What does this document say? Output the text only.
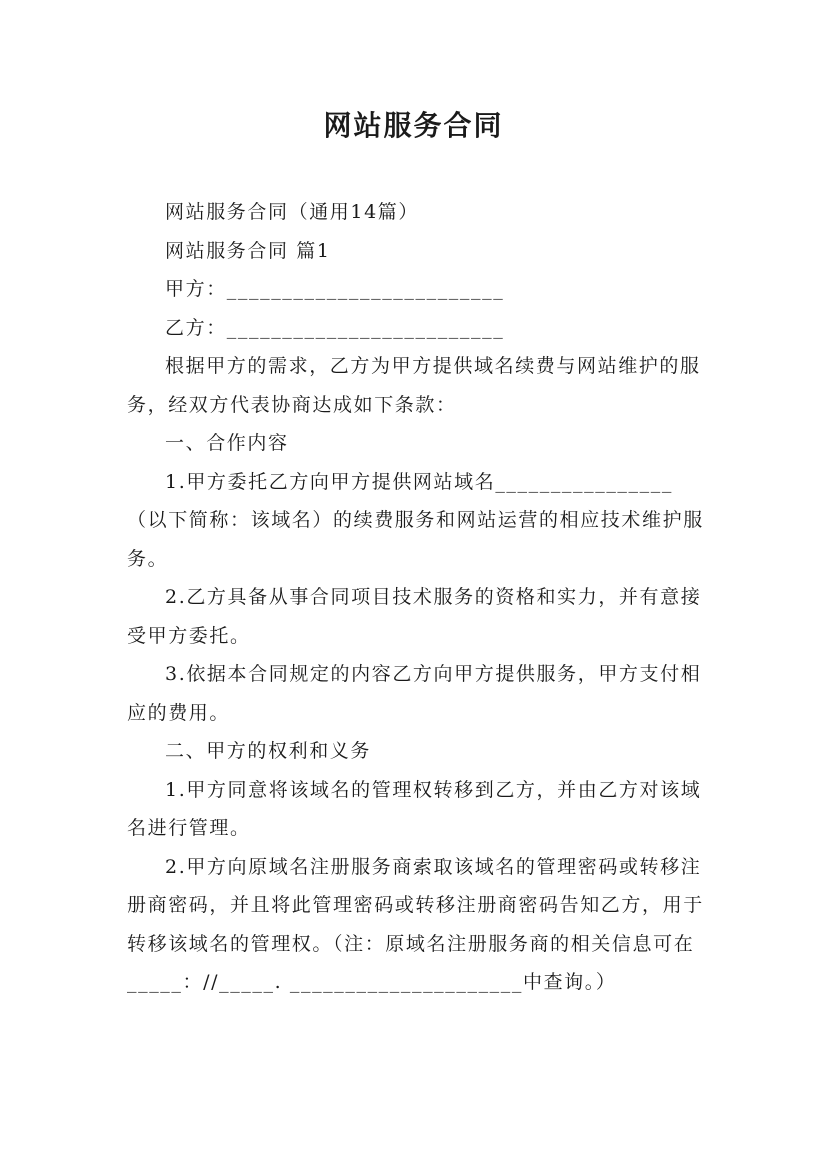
网站服务合同

网站服务合同（通用14篇）

网站服务合同 篇1

甲方：_________________________

乙方：_________________________

根据甲方的需求，乙方为甲方提供域名续费与网站维护的服务，经双方代表协商达成如下条款：

一、合作内容

1.甲方委托乙方向甲方提供网站域名________________（以下简称：该域名）的续费服务和网站运营的相应技术维护服务。

2.乙方具备从事合同项目技术服务的资格和实力，并有意接受甲方委托。

3.依据本合同规定的内容乙方向甲方提供服务，甲方支付相应的费用。

二、甲方的权利和义务

1.甲方同意将该域名的管理权转移到乙方，并由乙方对该域名进行管理。

2.甲方向原域名注册服务商索取该域名的管理密码或转移注册商密码，并且将此管理密码或转移注册商密码告知乙方，用于转移该域名的管理权。（注：原域名注册服务商的相关信息可在_____：//_____. _____________________中查询。）
